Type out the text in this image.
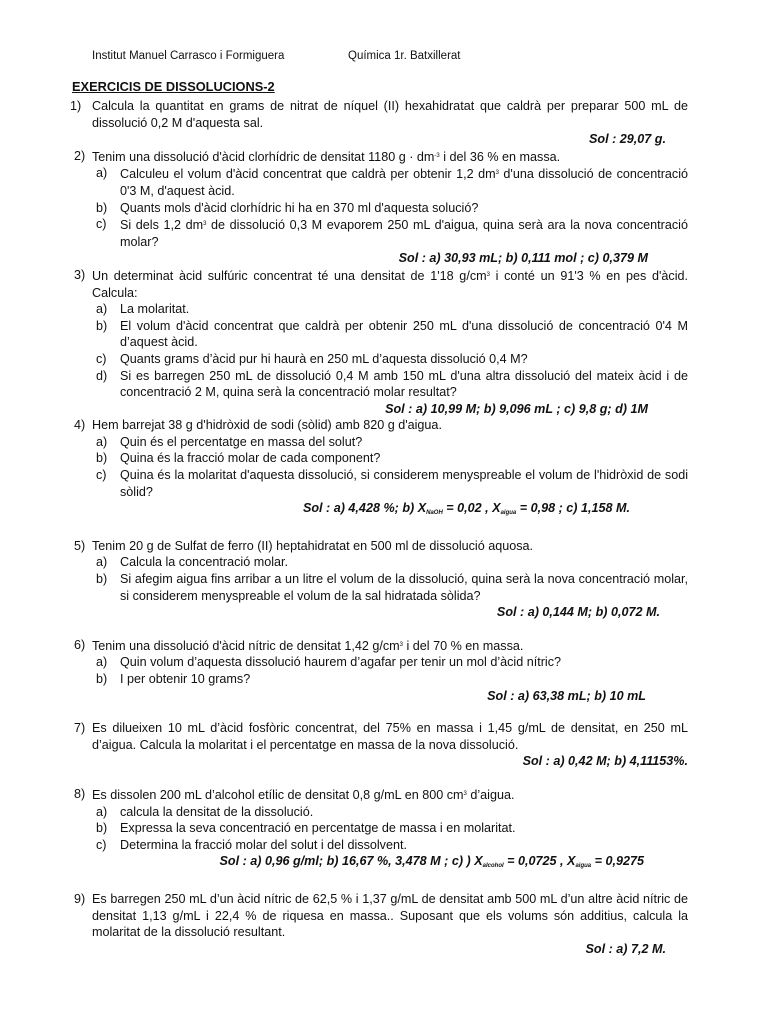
Institut Manuel Carrasco i Formiguera	Química 1r. Batxillerat
EXERCICIS DE DISSOLUCIONS-2
1) Calcula la quantitat en grams de nitrat de níquel (II) hexahidratat que caldrà per preparar 500 mL de dissolució 0,2 M d'aquesta sal.
Sol : 29,07 g.
2) Tenim una dissolució d'àcid clorhídric de densitat 1180 $g \cdot dm^{-3}$ i del 36 % en massa.
a)	Calculeu el volum d'àcid concentrat que caldrà per obtenir 1,2 $dm^3$ d'una dissolució de concentració 0'3 M, d'aquest àcid.
b)	Quants mols d'àcid clorhídric hi ha en 370 ml d'aquesta solució?
c)	Si dels 1,2 $dm^3$ de dissolució 0,3 M evaporem 250 mL d'aigua, quina serà ara la nova concentració molar?
Sol : a) 30,93 mL; b) 0,111 mol ; c) 0,379 M
3) Un determinat àcid sulfúric concentrat té una densitat de 1'18 $g/cm^3$ i conté un 91'3 % en pes d'àcid. Calcula:
a)	La molaritat.
b)	El volum d'àcid concentrat que caldrà per obtenir 250 mL d'una dissolució de concentració 0'4 M d’aquest àcid.
c)	Quants grams d’àcid pur hi haurà en 250 mL d’aquesta dissolució 0,4 M?
d)	Si es barregen 250 mL de dissolució 0,4 M amb 150 mL d'una altra dissolució del mateix àcid i de concentració 2 M, quina serà la concentració molar resultat?
Sol : a) 10,99 M; b) 9,096 mL ; c) 9,8 g; d) 1M
4) Hem barrejat 38 g d'hidròxid de sodi (sòlid) amb 820 g d'aigua.
a)	Quin és el percentatge en massa del solut?
b)	Quina és la fracció molar de cada component?
c)	Quina és la molaritat d'aquesta dissolució, si considerem menyspreable el volum de l'hidròxid de sodi sòlid?
Sol : a) 4,428 %; b) $X_{NaOH} = 0,02$ , $X_{aigua} = 0,98$ ; c) 1,158 M.
5) Tenim 20 g de Sulfat de ferro (II) heptahidratat en 500 ml de dissolució aquosa.
a)	Calcula la concentració molar.
b)	Si afegim aigua fins arribar a un litre el volum de la dissolució, quina serà la nova concentració molar, si considerem menyspreable el volum de la sal hidratada sòlida?
Sol : a) 0,144 M; b) 0,072 M.
6) Tenim una dissolució d'àcid nítric de densitat 1,42 $g/cm^3$ i del 70 % en massa.
a)	Quin volum d’aquesta dissolució haurem d’agafar per tenir un mol d’àcid nítric?
b)	I per obtenir 10 grams?
Sol : a) 63,38 mL; b) 10 mL
7) Es dilueixen 10 mL d’àcid fosfòric concentrat, del 75% en massa i 1,45 g/mL de densitat, en 250 mL d’aigua. Calcula la molaritat i el percentatge en massa de la nova dissolució.
Sol : a) 0,42 M; b) 4,11153%.
8) Es dissolen 200 mL d’alcohol etílic de densitat 0,8 g/mL en 800 $cm^3$ d’aigua.
a)	calcula la densitat de la dissolució.
b)	Expressa la seva concentració en percentatge de massa i en molaritat.
c)	Determina la fracció molar del solut i del dissolvent.
Sol : a) 0,96 g/ml; b) 16,67 %, 3,478 M ; c) ) $X_{alcohol} = 0,0725$ , $X_{aigua} = 0,9275$
9) Es barregen 250 mL d’un àcid nítric de 62,5 % i 1,37 g/mL de densitat amb 500 mL d’un altre àcid nítric de densitat 1,13 g/mL i 22,4 % de riquesa en massa.. Suposant que els volums són additius, calcula la molaritat de la dissolució resultant.
Sol : a) 7,2 M.
